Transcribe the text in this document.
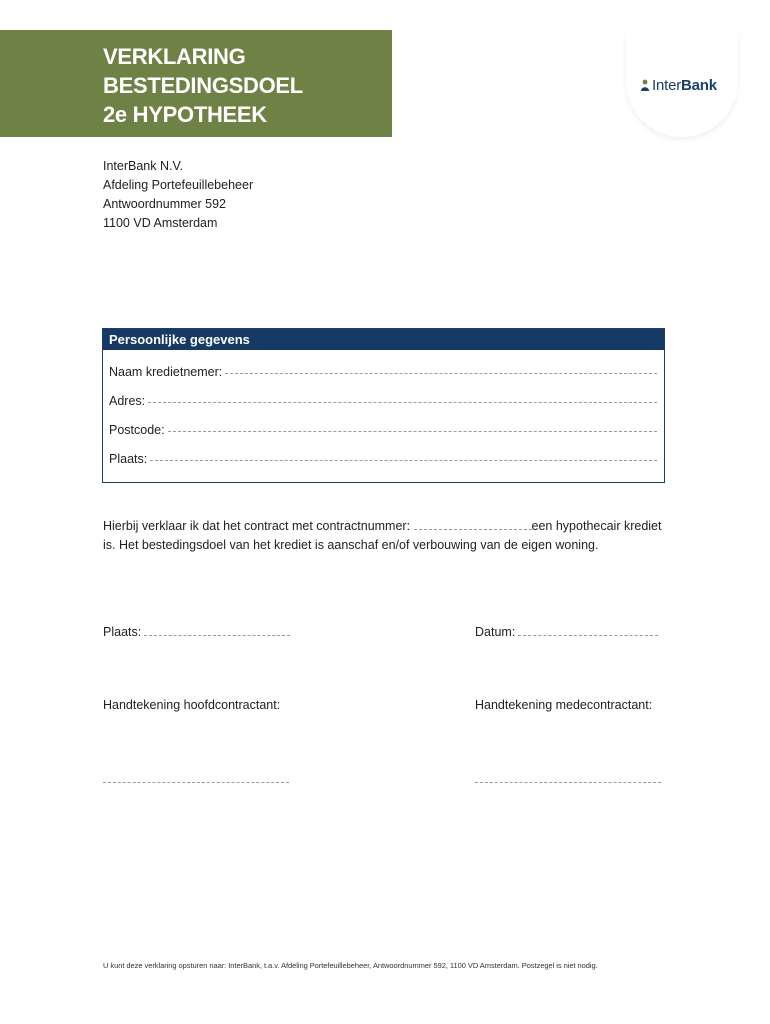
VERKLARING
BESTEDINGSDOEL
2e HYPOTHEEK
Inter Bank
InterBank N.V.
Afdeling Portefeuillebeheer
Antwoordnummer 592
1100 VD Amsterdam
Persoonlijke gegevens
Naam kredietnemer:
Adres:
Postcode:
Plaats:
Hierbij verklaar ik dat het contract met contractnummer:	een hypothecair krediet is. Het bestedingsdoel van het krediet is aanschaf en/of verbouwing van de eigen woning.
Plaats:	Datum:
Handtekening hoofdcontractant:	Handtekening medecontractant:
U kunt deze verklaring opsturen naar: InterBank, t.a.v. Afdeling Portefeuillebeheer, Antwoordnummer 592, 1100 VD Amsterdam. Postzegel is niet nodig.
